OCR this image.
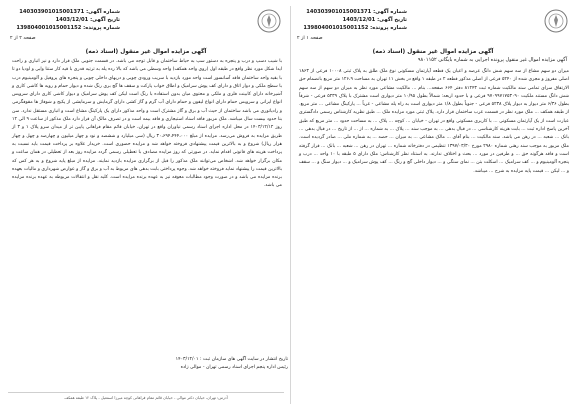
شماره آگهی: 140303901015001371
تاریخ آگهی: 1403/12/01
شماره پرونده: 139804001015001152
صفحه ۲ از ۲
آگهی مزایده اموال غیر منقول (اسناد ذمه)
با شیب دسپ و درب و پنجره به دستور سپ به حیاط ساختمان و قابل توجه می باشد. در قسمت جنوبی ملک قرار دارد و نیز اتباری و راحت ایدا شکل مورد نظر واقع در طبقه اول (روی واحد همکف) واحد وسطی می باشد که بالا رده پله به ترتیه قدری با قیه کار ستنا وایی و اودیا دو تا با بقیه واحد ساختمان فاقد آسانسور است واحد مورد بازدید با سریب ورودی چوبی و دربهای داخلی چوبی و پنجره های پروفیل و آلومینیوم درب با سطح ملکی و دوار اتاق و دارای کف پوش سرامیک و اطاق خواب پارکت و سقف ها گچ بری رنگ شده و دیوار حمام و رویه ها کاشی کاری و آشپزخانه دارای کابینت فلزی و ملکی و محتوی میان بدون استفاده با رنگ است لیکن کف پوش سرامیک و دیوار کاشی کاری دارای سرویس انواع ایرانی و سرویس حمام دارای انواع لیفون و حمام دارای آب گرم و گاز کشی دارای گرمایش و سرمایشی از پکیج و شوفاژ ها مقوفگرمی و رادیاتوری می باشد ساختمان از حیث آب و برق و گاز مشترک است و واحد مذکور دارای یک پارکینگ مشاع است و انباری مستقل ندارد. سن بنا حدود بیست سال میباشد. ملک مزبور فاقد اسناد استیجاری و فاقد بیمه است و در تصرف مالک آن قرار دارد ملک مذکور از ساعت ۹ الی ۱۲ روز ۱۴۰۳/۱۲/۱۲ در محل اداره اجرای اسناد رسمی نیاوران واقع در تهران، خیابان قائم مقام فراهانی پایین تر از میدان سرو پلاک ۱ و ۳ از طریق مزایده به فروش می‌رسد. مزایده از مبلغ ۳۰،۶۹۴،۴۴۴،۰۰۰ ریال (سی میلیارد و ششصد و نود و چهار میلیون و چهارصد و چهل و چهار هزار ریال) شروع و به بالاترین قیمت پیشنهادی فروخته خواهد شد و مزایده حضوری است. خریدار علاوه بر پرداخت قیمت باید نسبت به پرداخت هزینه های قانونی اقدام نماید. در صورتی که روز مزایده مصادف با تعطیلی رسمی گردد مزایده روز بعد از تعطیلی در همان ساعت و مکان برگزار خواهد شد. اشخاص می‌توانند ملک مذکور را قبل از برگزاری مزایده بازدید نمایند. مزایده از مبلغ پایه شروع و به هر کس که بالاترین قیمت را پیشنهاد نماید فروخته خواهد شد. وجوه پرداختی بابت بدهی های مربوط به آب و برق و گاز و عوارض شهرداری و مالیات بعهده برنده مزایده می باشد و در صورت وجود مطالبات معوقه نیز به عهده برنده مزایده است. کلیه نقل و انتقالات مربوطه به عهده برنده مزایده می باشد.
تاریخ انتشار در سایت آگهی های سازمان ثبت : ۱۴۰۳/۱۲/۰۱
رئیس اداره پنجم اجرای اسناد رسمی تهران - موالی زاده
آدرس: تهران، خیابان دکتر موالی - خیابان قائم مقام فراهانی کوچه میرزا اسمعیل - پلاک ۱۲ طبقه همکف
شماره آگهی: 140303901015001371
تاریخ آگهی: 1403/12/01
شماره پرونده: 139804001015001152
صفحه ۱ از ۲
آگهی مزایده اموال غیر منقول (اسناد ذمه)
آگهی مزایده اموال غیر منقول پرونده اجرایی به شماره بایگانی ۹۸۰۱۱۵۲
میزان دو سهم مشاع از سه سهم شش دانگ عرصه و اعیان یک قطعه آپارتمان مسکونی نوع ملک طلق به پلاک ثبتی ۱۰۰۰۸ فرعی از ۱۸۶۳ اصلی مفروز و مجزی شده از ۵۲۴۰ فرعی از اصلی مذکور قطعه ۲ در طبقه ۱ واقع در بخش ۱۱ تهران به مساحت ۱۲۶،۹ متر مربع بانضمام حق الارتفاق سرای تمامی سند مالکیت شماره ثبت ۸۱۲۴۳ دفتر ۶۶۴ صفحه... بنام ... مالکیت مشاعی مورد نظر به میزان دو سهم از سه سهم شش دانگ مستند ملکیت ۹۷۰۹۹۷۱۷۵۳۰۹۰ فرعی و با حدود اربعه: شمالاً بطول ۱۰/۹۵ متر دیواری است مشترک با پلاک ۵۲۳۹ فرعی - شرقاً بطول ۶/۳۶ متر دیوار به دیوار پلاک ۵۲۳۸ فرعی - جنوباً بطول ۱/۸ متر دیواری است به راه پله مشاعی - غرباً ... پارکینگ مشاعی ... متر مربع. از طبقه همکف ... ملک مورد نظر در قسمت غرب ساختمان قرار دارد. پلاک ثبتی مورد مزایده ملک ... طبق نظریه کارشناس رسمی دادگستری عبارت است از یک آپارتمان مسکونی ... با کاربری مسکونی واقع در تهران - خیابان ... کوچه ... پلاک ... به مساحت حدود ... متر مربع که طبق آخرین پاسخ اداره ثبت ... بابت هزینه کارشناسی ... در قبال بدهی ... به موجب سند ... پلاک ... به شماره ... از ... از تاریخ ... در قبال بدهی ... بانک ... شعبه ... در رهن می باشد. سند مالکیت ... بنام آقای ... مالک مشاعی ... به میزان ... حصه ... به شماره ملی ... صادر گردیده است. ملک مزبور به موجب سند رهنی شماره ۲۹۸۰ مورخ ۱۳۹۷/۰۳/۳۰ تنظیمی در دفترخانه شماره ... تهران در رهن ... شعبه ... بانک ... قرار گرفته است و فاقد هرگونه حق ... و طرفین در مورد ... بحث و اختلاف ندارند. به استناد نظر کارشناس: ملک دارای ۵ طبقه با ۱۰ واحد ... درب و پنجره آلومینیوم و ... کف سرامیک ... اسکلت بتن ... نمای سنگی و ... دیوار داخلی گچ و رنگ ... کف پوش سرامیک و ... دیوار سنگ و ... سقف و ... لیکن ... قیمت پایه مزایده به شرح ... میباشد.
